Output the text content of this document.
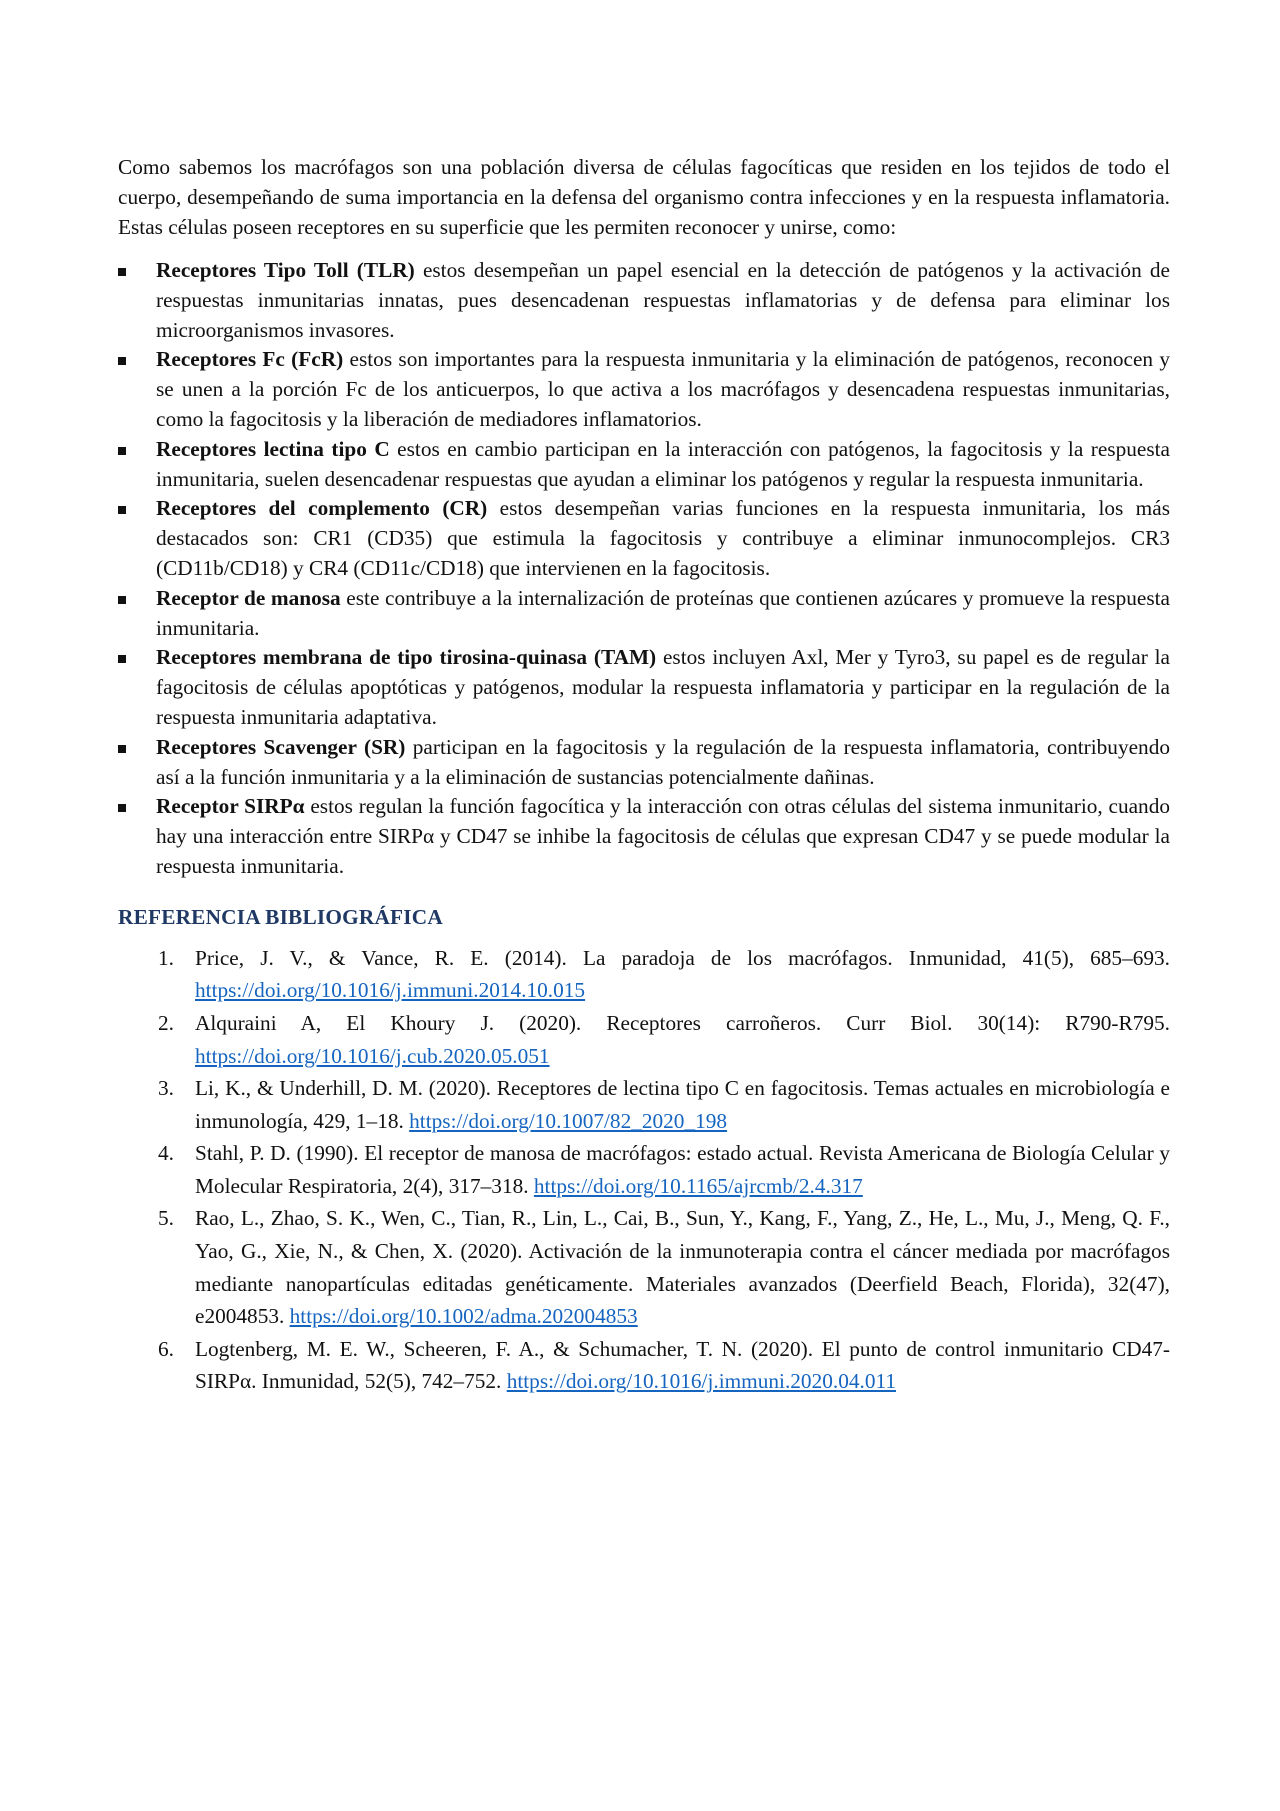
Como sabemos los macrófagos son una población diversa de células fagocíticas que residen en los tejidos de todo el cuerpo, desempeñando de suma importancia en la defensa del organismo contra infecciones y en la respuesta inflamatoria. Estas células poseen receptores en su superficie que les permiten reconocer y unirse, como:

Receptores Tipo Toll (TLR) estos desempeñan un papel esencial en la detección de patógenos y la activación de respuestas inmunitarias innatas, pues desencadenan respuestas inflamatorias y de defensa para eliminar los microorganismos invasores.
Receptores Fc (FcR) estos son importantes para la respuesta inmunitaria y la eliminación de patógenos, reconocen y se unen a la porción Fc de los anticuerpos, lo que activa a los macrófagos y desencadena respuestas inmunitarias, como la fagocitosis y la liberación de mediadores inflamatorios.
Receptores lectina tipo C estos en cambio participan en la interacción con patógenos, la fagocitosis y la respuesta inmunitaria, suelen desencadenar respuestas que ayudan a eliminar los patógenos y regular la respuesta inmunitaria.
Receptores del complemento (CR) estos desempeñan varias funciones en la respuesta inmunitaria, los más destacados son: CR1 (CD35) que estimula la fagocitosis y contribuye a eliminar inmunocomplejos. CR3 (CD11b/CD18) y CR4 (CD11c/CD18) que intervienen en la fagocitosis.
Receptor de manosa este contribuye a la internalización de proteínas que contienen azúcares y promueve la respuesta inmunitaria.
Receptores membrana de tipo tirosina-quinasa (TAM) estos incluyen Axl, Mer y Tyro3, su papel es de regular la fagocitosis de células apoptóticas y patógenos, modular la respuesta inflamatoria y participar en la regulación de la respuesta inmunitaria adaptativa.
Receptores Scavenger (SR) participan en la fagocitosis y la regulación de la respuesta inflamatoria, contribuyendo así a la función inmunitaria y a la eliminación de sustancias potencialmente dañinas.
Receptor SIRPα estos regulan la función fagocítica y la interacción con otras células del sistema inmunitario, cuando hay una interacción entre SIRPα y CD47 se inhibe la fagocitosis de células que expresan CD47 y se puede modular la respuesta inmunitaria.
REFERENCIA BIBLIOGRÁFICA
1. Price, J. V., & Vance, R. E. (2014). La paradoja de los macrófagos. Inmunidad, 41(5), 685–693. https://doi.org/10.1016/j.immuni.2014.10.015
2. Alquraini A, El Khoury J. (2020). Receptores carroñeros. Curr Biol. 30(14): R790-R795. https://doi.org/10.1016/j.cub.2020.05.051
3. Li, K., & Underhill, D. M. (2020). Receptores de lectina tipo C en fagocitosis. Temas actuales en microbiología e inmunología, 429, 1–18. https://doi.org/10.1007/82_2020_198
4. Stahl, P. D. (1990). El receptor de manosa de macrófagos: estado actual. Revista Americana de Biología Celular y Molecular Respiratoria, 2(4), 317–318. https://doi.org/10.1165/ajrcmb/2.4.317
5. Rao, L., Zhao, S. K., Wen, C., Tian, R., Lin, L., Cai, B., Sun, Y., Kang, F., Yang, Z., He, L., Mu, J., Meng, Q. F., Yao, G., Xie, N., & Chen, X. (2020). Activación de la inmunoterapia contra el cáncer mediada por macrófagos mediante nanopartículas editadas genéticamente. Materiales avanzados (Deerfield Beach, Florida), 32(47), e2004853. https://doi.org/10.1002/adma.202004853
6. Logtenberg, M. E. W., Scheeren, F. A., & Schumacher, T. N. (2020). El punto de control inmunitario CD47-SIRPα. Inmunidad, 52(5), 742–752. https://doi.org/10.1016/j.immuni.2020.04.011
